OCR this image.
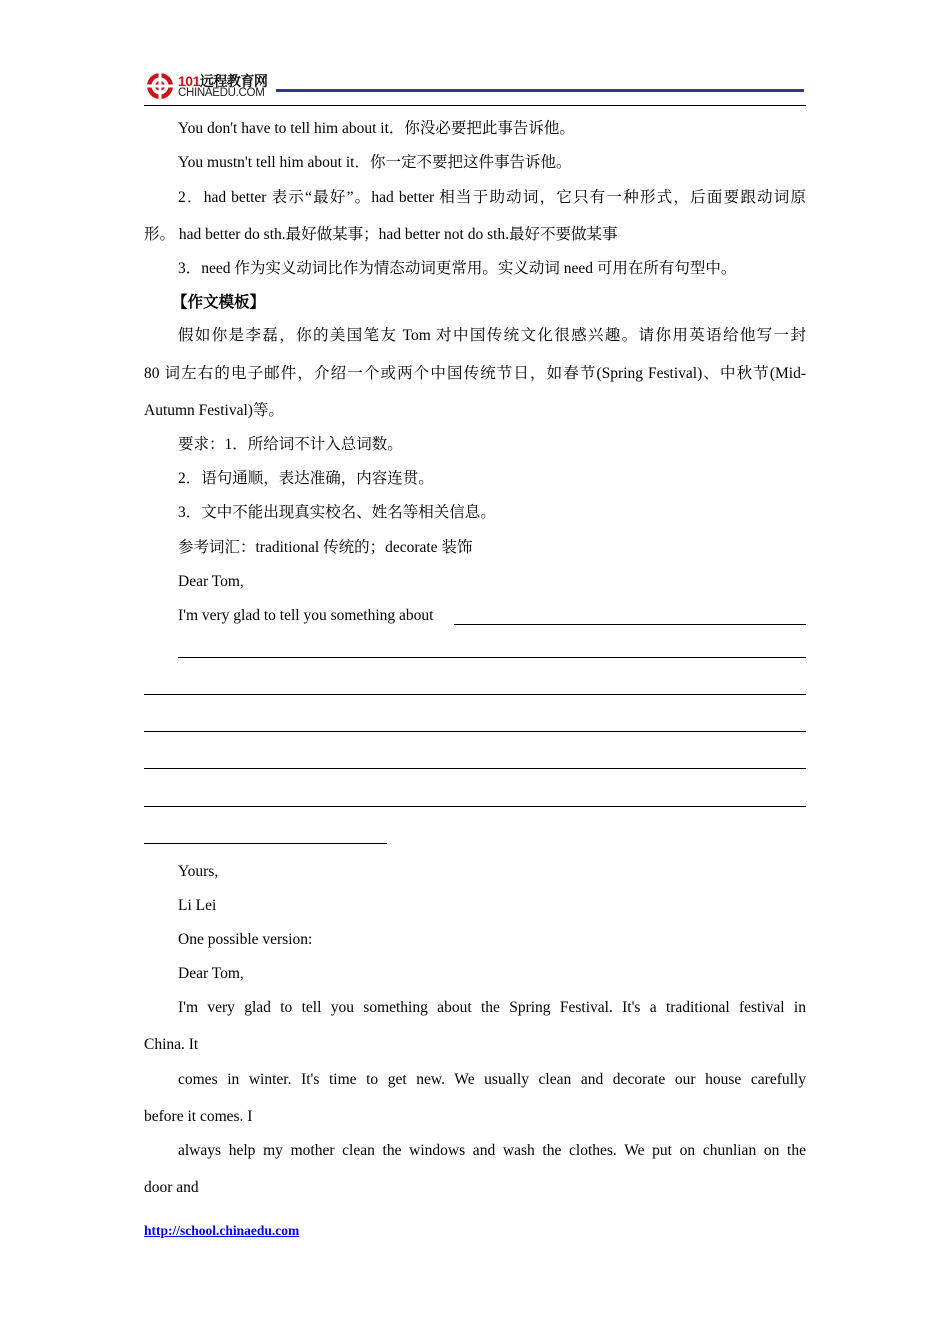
101远程教育网
CHINAEDU.COM
You don't have to tell him about it．你没必要把此事告诉他。
You mustn't tell him about it．你一定不要把这件事告诉他。
2．had better 表示“最好”。had better 相当于助动词，它只有一种形式，后面要跟动词原
形。 had better do sth.最好做某事；had better not do sth.最好不要做某事
3．need 作为实义动词比作为情态动词更常用。实义动词 need 可用在所有句型中。
【作文模板】
假如你是李磊，你的美国笔友 Tom 对中国传统文化很感兴趣。请你用英语给他写一封
80 词左右的电子邮件，介绍一个或两个中国传统节日，如春节(Spring Festival)、中秋节(Mid-
Autumn Festival)等。
要求：1．所给词不计入总词数。
2．语句通顺，表达准确，内容连贯。
3．文中不能出现真实校名、姓名等相关信息。
参考词汇：traditional 传统的；decorate 装饰
Dear Tom,
I'm very glad to tell you something about
Yours,
Li Lei
One possible version:
Dear Tom,
I'm very glad to tell you something about the Spring Festival. It's a traditional festival in
China. It
comes in winter. It's time to get new. We usually clean and decorate our house carefully
before it comes. I
always help my mother clean the windows and wash the clothes. We put on chunlian on the
door and
http://school.chinaedu.com
